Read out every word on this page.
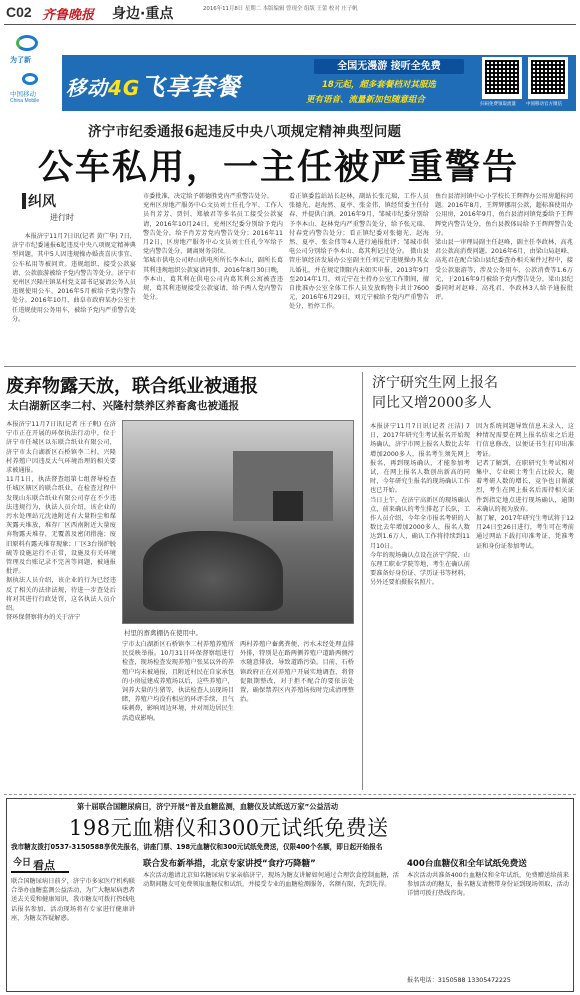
C02 齐鲁晚报 身边·重点	2016年11月8日 星期二 本版编辑 曾现全 组版 王蕾 校对 庄子帆
为了新
中国移动
China Mobile
移动4G飞享套餐
全国无漫游 接听全免费
18元起，超多套餐档对其服选
更有语音、流量新加包随意组合	扫码免费领取流量 中国移动官方微信
济宁市纪委通报6起违反中央八项规定精神典型问题
公车私用，一主任被严重警告
纠风
进行时
本报济宁11月7日讯(记者 黄广华) 7日，济宁市纪委通报6起违反中央八项规定精神典型问题，其中5人因违规操办婚丧喜庆事宜、公车私用等被问责。违规组织、接受公款宴请、公款旅游被给予党内警告等处分。济宁市兖州区兴隆庄镇某村党支部书记宴请公务人员违规使用公车，2016年5月被给予党内警告处分。2016年10月，曲阜市政府某办公室主任违规使用公务用车，被给予党内严重警告处分。
市委批准，决定给予韩德胜党内严重警告处分。
兖州区房地产服务中心文员刘士任孔令军、工作人员肖芳芳、贾钊、郑敏君等多名员工接受公款宴请，2016年10月24日，兖州区纪委分别给予党内警告处分，给予肖芳芳党内警告处分；2016年11月2日，区房地产服务中心文员刘士任孔令军给予党内警告处分，调离财务岗位。
邹城市供电公司峄山供电所所长李本山，副所长葛其利违规组织公款宴请同事，2016年8月30日晚，李本山、葛其利在供电公司内葛其利公寓被查违规，葛其利违规接受公款宴请，给予两人党内警告处分。
看正镇委监站站长赵林，副站长张元瑞，工作人员张德光、赵海然、夏亭、张金伟，镇经贸委主任付春、并提供白酒。2016年9月，邹城市纪委分别给予李本山、赵林党内严重警告处分，给予张元瑞、付春党内警告处分；看正镇纪委对张德光、赵海然、夏亭、张金伟等4人进行通报批评；邹城市供电公司分别给予李本山、葛其利记过处分。 微山县管庄镇经济发展办公室副主任刘元宁违规操办其女儿婚礼，并在规定期限内未如实申报，2013年9月至2014年1月，刘元宁在主持办公室工作期间，擅自批准办公室全体工作人员发放购物卡共计7600元，2016年6月29日，刘元宁被给予党内严重警告处分，暂停工作。
鱼台县清河镇中心小学校长王辉辉办公用房超标问题。2016年8月，王辉辉挪用公款，超标准使用办公用房，2016年9月，鱼台县清河镇党委给予王辉辉党内警告处分，鱼台县教体局给予王辉辉警告处分。
梁山县一审理局副主任赵峰，副主任李政林，高兆君公款高消费问题。2016年6月，由梁山局赵峰、高兆君在配合梁山县纪委查办相关案件过程中，接受公款旅游等，涉及公务用车、公款消费等1.6万元，于2016年9月被给予党内警告处分，梁山县纪委同时对赵峰、高兆君、李政林3人给予通报批评。
废弃物露天放，联合纸业被通报
太白湖新区李二村、兴隆村禁养区养畜禽也被通报
本报济宁11月7日讯(记者 庄子帆) 在济宁市正在开展的环保执法行动中，位于济宁市任城区以东联合纸业有限公司，济宁市太白湖新区石桥镇李二村、兴隆村养殖户因违反大气环境治理的相关要求被通报。
11月1日，执法督查组第七组督导检查任城区辖区的联合纸业，在检查过程中发现山东联合纸业有限公司存在不少违法违规行为，执法人员介绍，该企业的污水处理站元沈池附近有大量粉尘和煤灰露天堆放，堆存厂区西南附近大量废弃物露天堆存，无覆盖及密闭措施；废旧原料有露天堆存现象；厂区3台锅炉脱硫等设施运行不正常，设施及有关环境管理及台账记录不完善等问题，被通报批评。
据执法人员介绍，该企业的行为已经违反了相关的法律法规，待进一步查处后将对其进行行政处罚，这名执法人员介绍。
督环保督察将办的关于济宁
村里的畜禽棚仍在使用中。
宁市太白湖新区石桥镇李二村养殖养殖所民反映举报。10月31日环保督察组进行检查，现场检查发现养殖户张某以外的养殖户均未被通报，且附近村民在自家承包的小房屋建成养殖场以后，这些养殖户，饲养大量的生猪等，执法检查人员现场目睹，养殖户均没有相应的环评手续，且气味刺鼻，影响周边环境，并对周边居民生活造成影响。
两村养殖户畜禽粪便、污水未经处理直排外排，特别是在路两侧养殖户道路两侧污水随意排放，导致道路污染。目前，石桥镇政府正在对养殖户开展实地调查，将督促限期整改，对于拒不配合的要依法处置，确保禁养区内养殖场按时完成清理整治。
济宁研究生网上报名
同比又增2000多人
本报济宁11月7日讯(记者 汪洁) 7日，2017年研究生考试报名开始现场确认，济宁市网上报名人数比去年增加2000多人，报名考生须先网上报名，再到现场确认，才能参加考试，在网上报名人数创出新高的同时，今年研究生报名的现场确认工作也已开始。
当日上午，在济宁高新区的现场确认点，前来确认的考生排起了长队，工作人员介绍，今年全市报名考研的人数比去年增加2000多人，报名人数达到1.6万人，确认工作将持续到11月10日。
今年的现场确认点设在济宁学院、山东理工职业学院等地，考生在确认前要准备好身份证、学历证书等材料，另外还要拍摄报名照片。
因为系统问题导致信息未录入，这种情况需要在网上报名结束之后进行信息修改，以便证书生打印出准考证。
记者了解到，在职研究生考试相对集中，专业硕士考生占比较大，随着考研人数的增长，竞争也日渐激烈，考生在网上报名后需持相关证件到指定地点进行现场确认，逾期未确认的视为放弃。
据了解，2017年研究生考试将于12月24日至26日进行，考生可在考前通过网站下载打印准考证，凭准考证和身份证参加考试。
第十届联合国糖尿病日，济宁开展“普及血糖监测，血糖仪及试纸送万家”公益活动
198元血糖仪和300元试纸免费送
我市糖友拨打0537-3150588享优先报名，讲座门票、198元血糖仪和300元试纸免费送，仅限400个名额，即日起开始报名
今日 看点
联合国糖尿病日前夕，济宁市多家医疗机构联合举办血糖监测公益活动，为广大糖尿病患者送去关爱和健康知识，我市糖友可拨打热线电话报名参加，活动现场将有专家进行健康讲座，为糖友答疑解惑。
联合发布新举措，北京专家讲授“食疗巧降糖”
本次活动邀请北京知名糖尿病专家亲临济宁，现场为糖友讲解如何通过合理饮食控制血糖，活动期间糖友可免费领取血糖仪和试纸，并接受专业的血糖检测服务，名额有限，先到先得。
400台血糖仪和全年试纸免费送
本次活动共准备400台血糖仪和全年试纸，免费赠送给前来参加活动的糖友，报名糖友请携带身份证到现场领取，活动详情可拨打热线咨询。
报名电话：3150588 13305472225
